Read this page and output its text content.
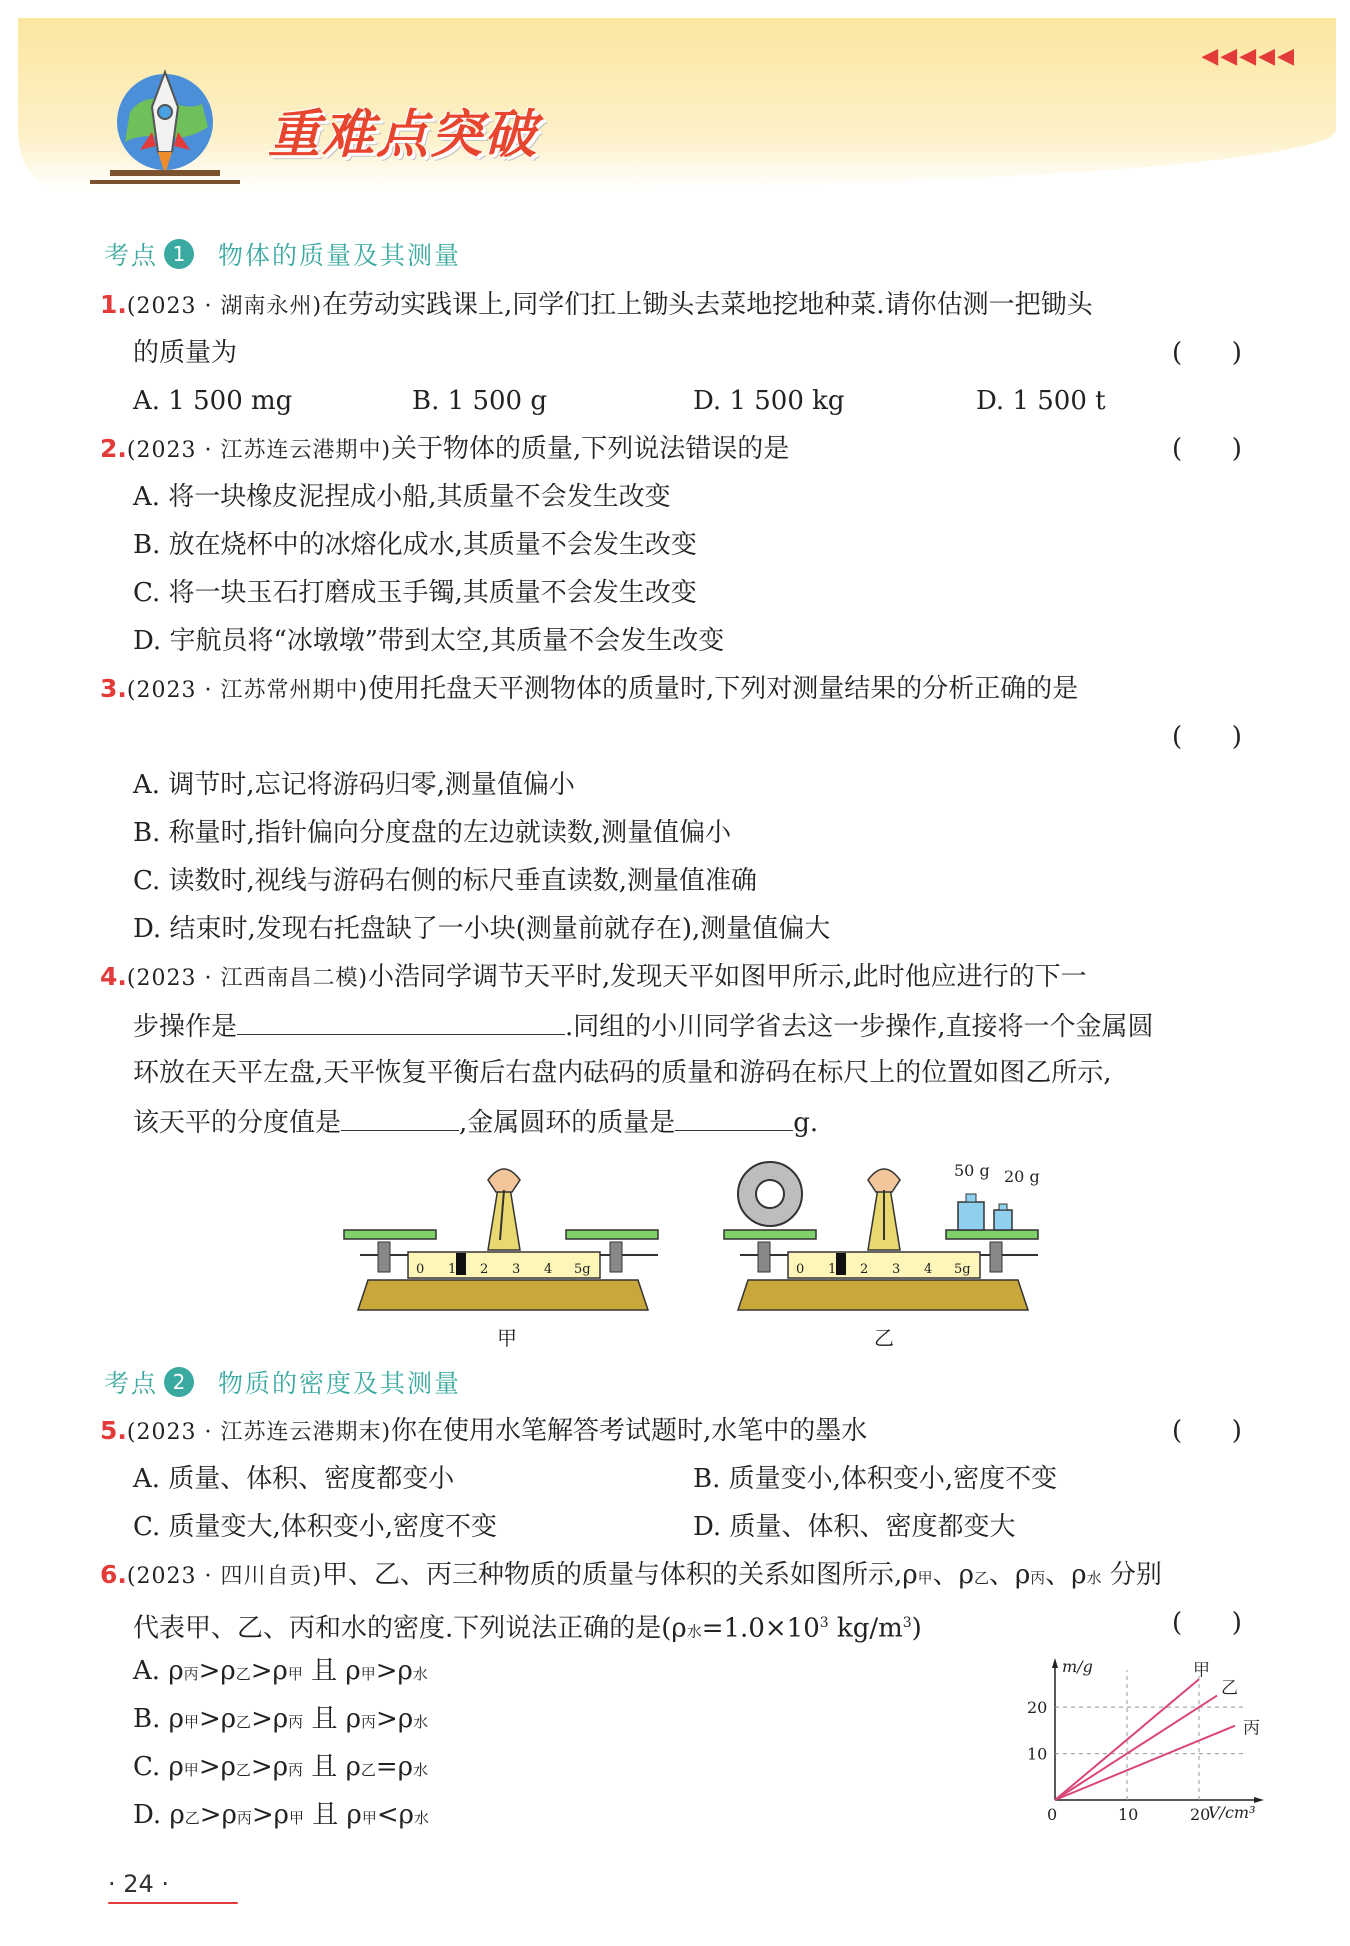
◀◀◀◀◀
重难点突破
考点 1	物体的质量及其测量
1.(2023 · 湖南永州)在劳动实践课上,同学们扛上锄头去菜地挖地种菜.请你估测一把锄头
的质量为	(      )
A. 1 500 mg	B. 1 500 g	D. 1 500 kg	D. 1 500 t
2.(2023 · 江苏连云港期中)关于物体的质量,下列说法错误的是	(      )
A. 将一块橡皮泥捏成小船,其质量不会发生改变
B. 放在烧杯中的冰熔化成水,其质量不会发生改变
C. 将一块玉石打磨成玉手镯,其质量不会发生改变
D. 宇航员将“冰墩墩”带到太空,其质量不会发生改变
3.(2023 · 江苏常州期中)使用托盘天平测物体的质量时,下列对测量结果的分析正确的是
(      )
A. 调节时,忘记将游码归零,测量值偏小
B. 称量时,指针偏向分度盘的左边就读数,测量值偏小
C. 读数时,视线与游码右侧的标尺垂直读数,测量值准确
D. 结束时,发现右托盘缺了一小块(测量前就存在),测量值偏大
4.(2023 · 江西南昌二模)小浩同学调节天平时,发现天平如图甲所示,此时他应进行的下一
步操作是	.同组的小川同学省去这一步操作,直接将一个金属圆
环放在天平左盘,天平恢复平衡后右盘内砝码的质量和游码在标尺上的位置如图乙所示,
该天平的分度值是	,金属圆环的质量是	g.
0 1 2 3 4 5g
甲
50 g 20 g
0 1 2 3 4 5g
乙
考点 2	物质的密度及其测量
5.(2023 · 江苏连云港期末)你在使用水笔解答考试题时,水笔中的墨水	(      )
A. 质量、体积、密度都变小	B. 质量变小,体积变小,密度不变
C. 质量变大,体积变小,密度不变	D. 质量、体积、密度都变大
6.(2023 · 四川自贡)甲、乙、丙三种物质的质量与体积的关系如图所示,ρ甲、ρ乙、ρ丙、ρ水 分别
代表甲、乙、丙和水的密度.下列说法正确的是(ρ水$=1.0\times 10^3$ $kg/m^3$)	(      )
A. ρ丙>ρ乙>ρ甲 且 ρ甲>ρ水
B. ρ甲>ρ乙>ρ丙 且 ρ丙>ρ水
C. ρ甲>ρ乙>ρ丙 且 ρ乙=ρ水
D. ρ乙>ρ丙>ρ甲 且 ρ甲<ρ水
甲
乙
丙
10	20
10
20
m/g
V/cm³
0
· 24 ·
